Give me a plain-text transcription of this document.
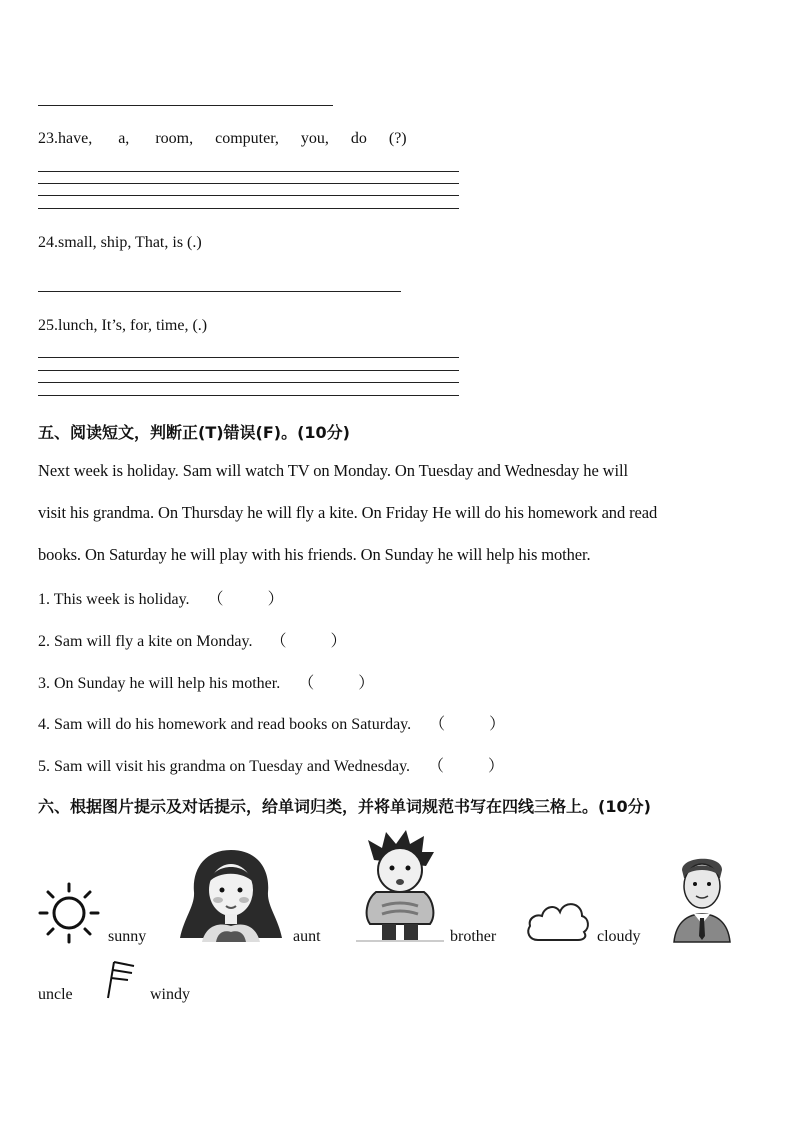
23.have, a, room, computer, you, do (?)
24.small, ship, That, is (.)
25.lunch, It’s, for, time, (.)
五、阅读短文，判断正(T)错误(F)。(10分)
Next week is holiday. Sam will watch TV on Monday. On Tuesday and Wednesday he will
visit his grandma. On Thursday he will fly a kite. On Friday He will do his homework and read
books. On Saturday he will play with his friends. On Sunday he will help his mother.
1. This week is holiday. （	）
2. Sam will fly a kite on Monday. （	）
3. On Sunday he will help his mother. （	）
4. Sam will do his homework and read books on Saturday. （	）
5. Sam will visit his grandma on Tuesday and Wednesday. （	）
六、根据图片提示及对话提示，给单词归类，并将单词规范书写在四线三格上。(10分)
sunny	aunt	brother	cloudy
uncle	windy
